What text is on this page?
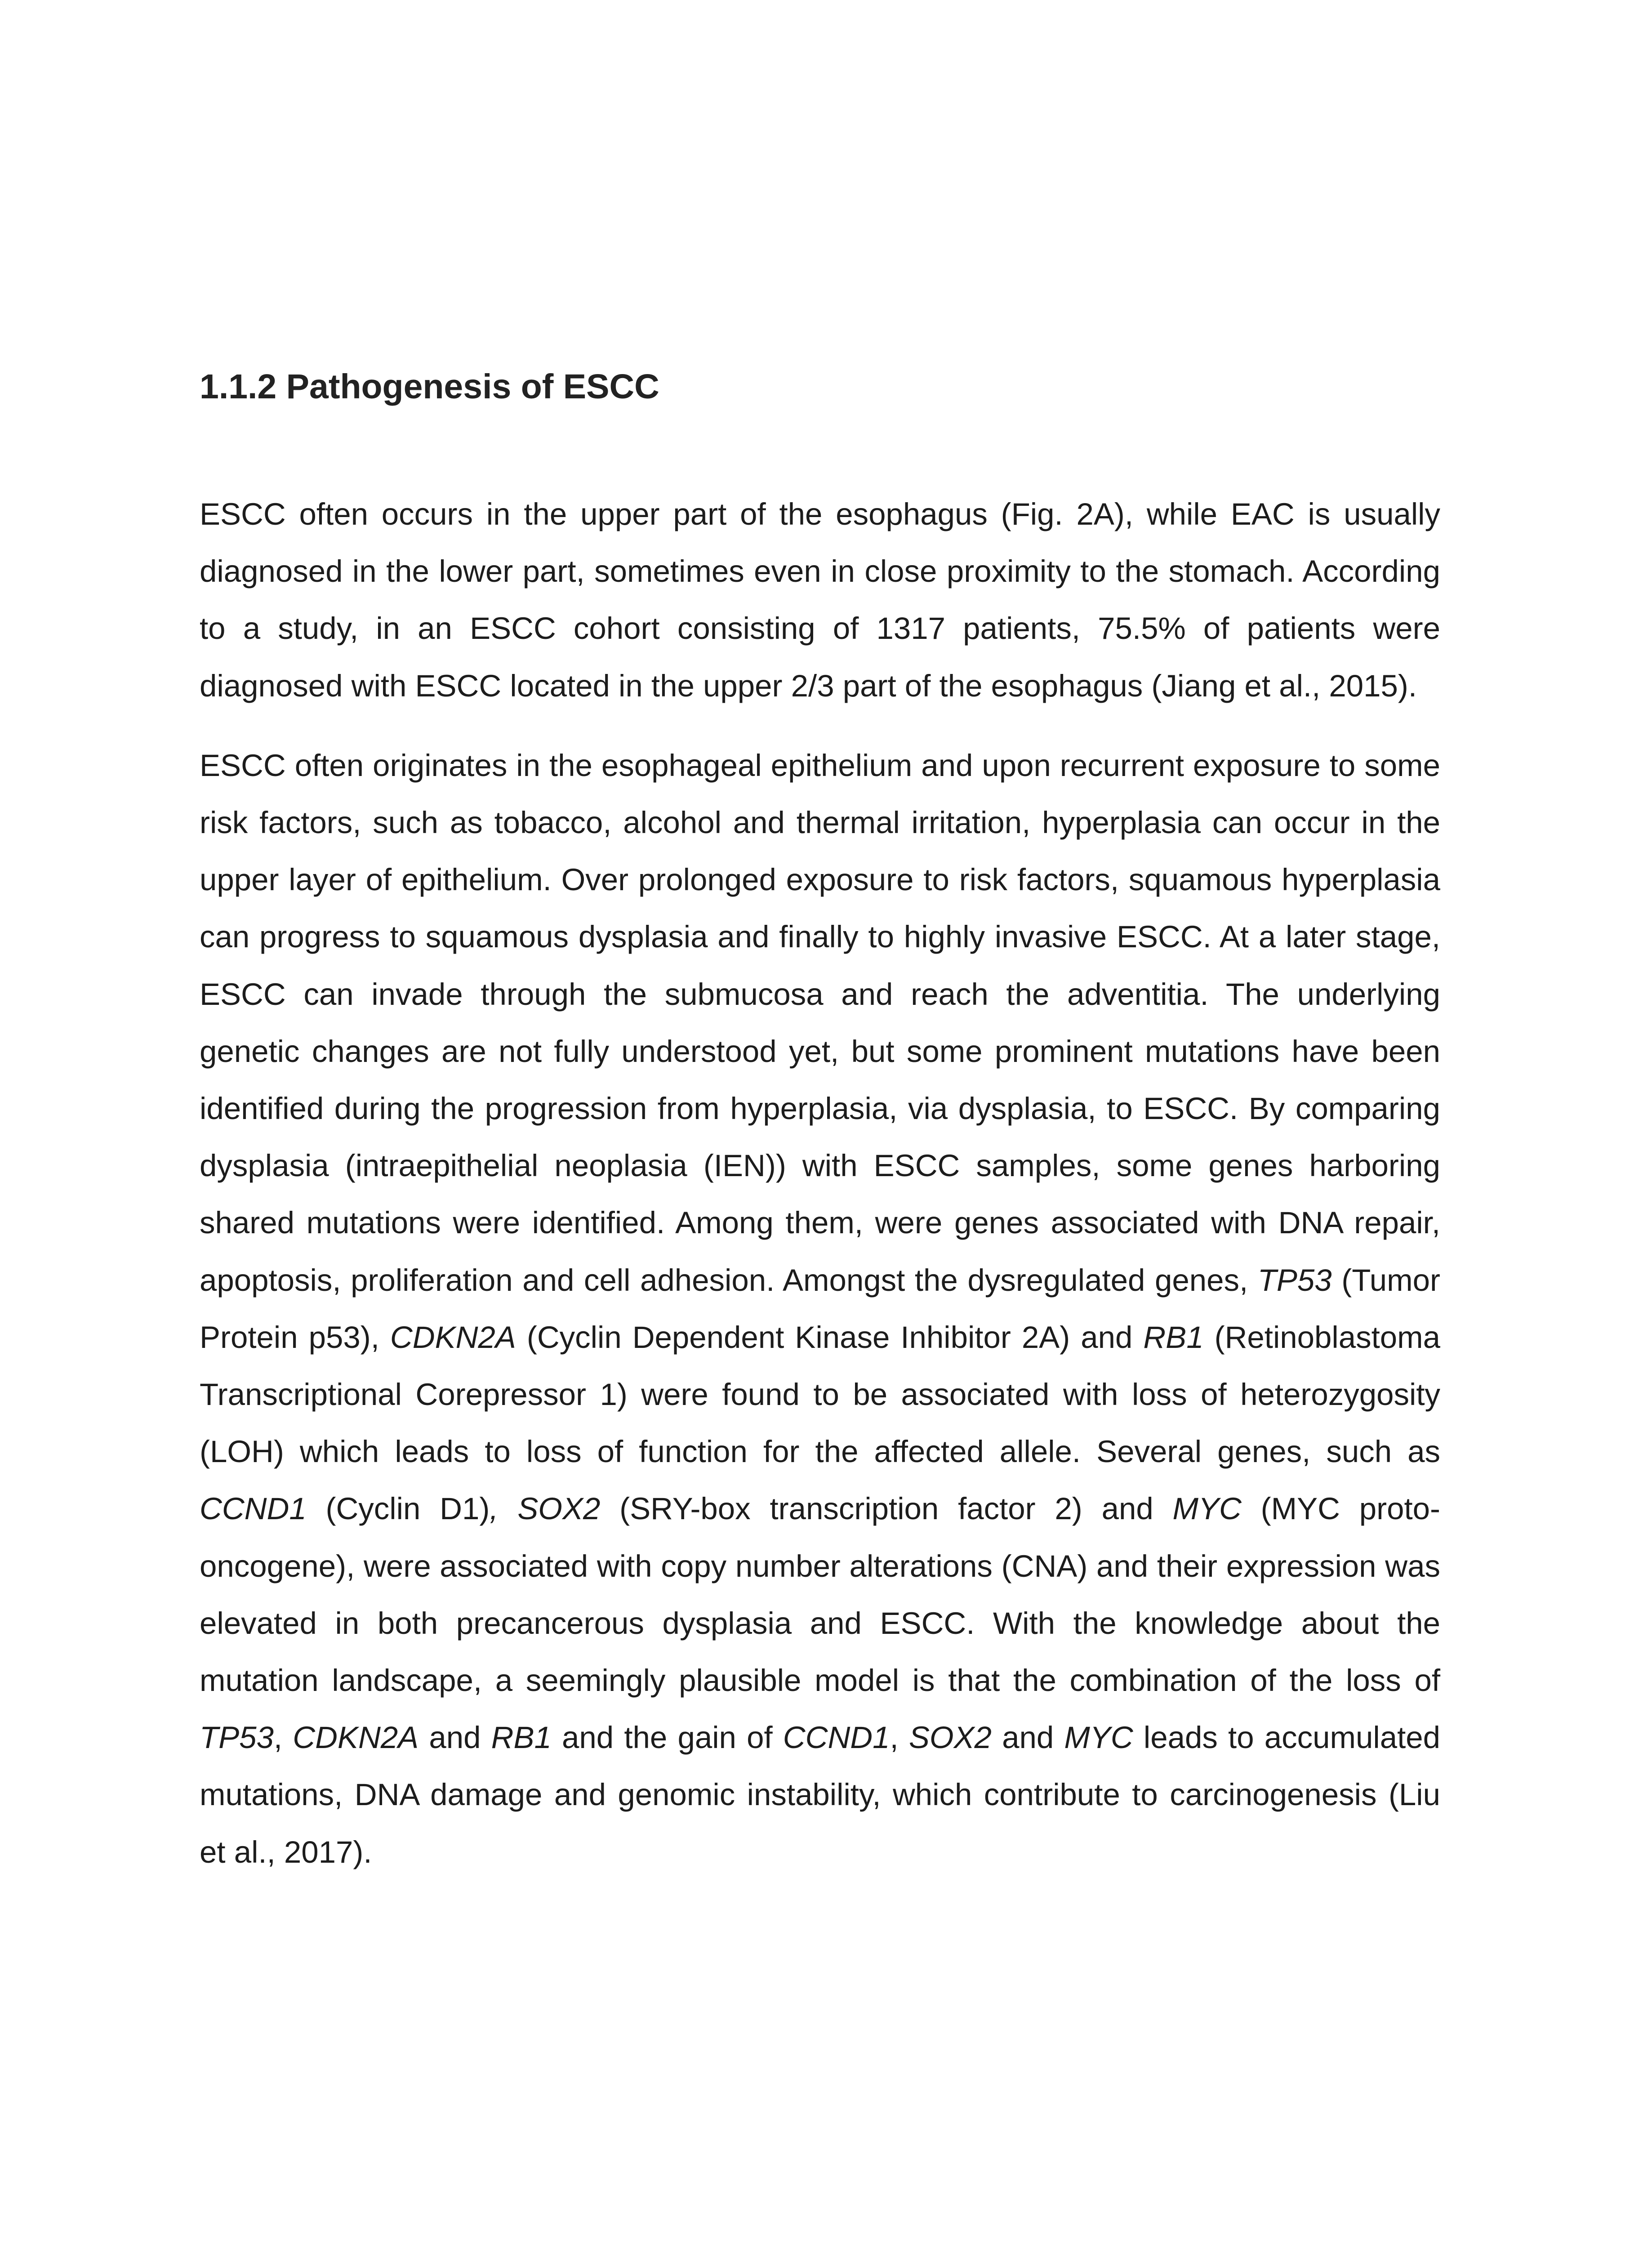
1.1.2 Pathogenesis of ESCC

ESCC often occurs in the upper part of the esophagus (Fig. 2A), while EAC is usually diagnosed in the lower part, sometimes even in close proximity to the stomach. According to a study, in an ESCC cohort consisting of 1317 patients, 75.5% of patients were diagnosed with ESCC located in the upper 2/3 part of the esophagus (Jiang et al., 2015).

ESCC often originates in the esophageal epithelium and upon recurrent exposure to some risk factors, such as tobacco, alcohol and thermal irritation, hyperplasia can occur in the upper layer of epithelium. Over prolonged exposure to risk factors, squamous hyperplasia can progress to squamous dysplasia and finally to highly invasive ESCC. At a later stage, ESCC can invade through the submucosa and reach the adventitia. The underlying genetic changes are not fully understood yet, but some prominent mutations have been identified during the progression from hyperplasia, via dysplasia, to ESCC. By comparing dysplasia (intraepithelial neoplasia (IEN)) with ESCC samples, some genes harboring shared mutations were identified. Among them, were genes associated with DNA repair, apoptosis, proliferation and cell adhesion. Amongst the dysregulated genes, TP53 (Tumor Protein p53), CDKN2A (Cyclin Dependent Kinase Inhibitor 2A) and RB1 (Retinoblastoma Transcriptional Corepressor 1) were found to be associated with loss of heterozygosity (LOH) which leads to loss of function for the affected allele. Several genes, such as CCND1 (Cyclin D1), SOX2 (SRY-box transcription factor 2) and MYC (MYC proto-oncogene), were associated with copy number alterations (CNA) and their expression was elevated in both precancerous dysplasia and ESCC. With the knowledge about the mutation landscape, a seemingly plausible model is that the combination of the loss of TP53, CDKN2A and RB1 and the gain of CCND1, SOX2 and MYC leads to accumulated mutations, DNA damage and genomic instability, which contribute to carcinogenesis (Liu et al., 2017).
